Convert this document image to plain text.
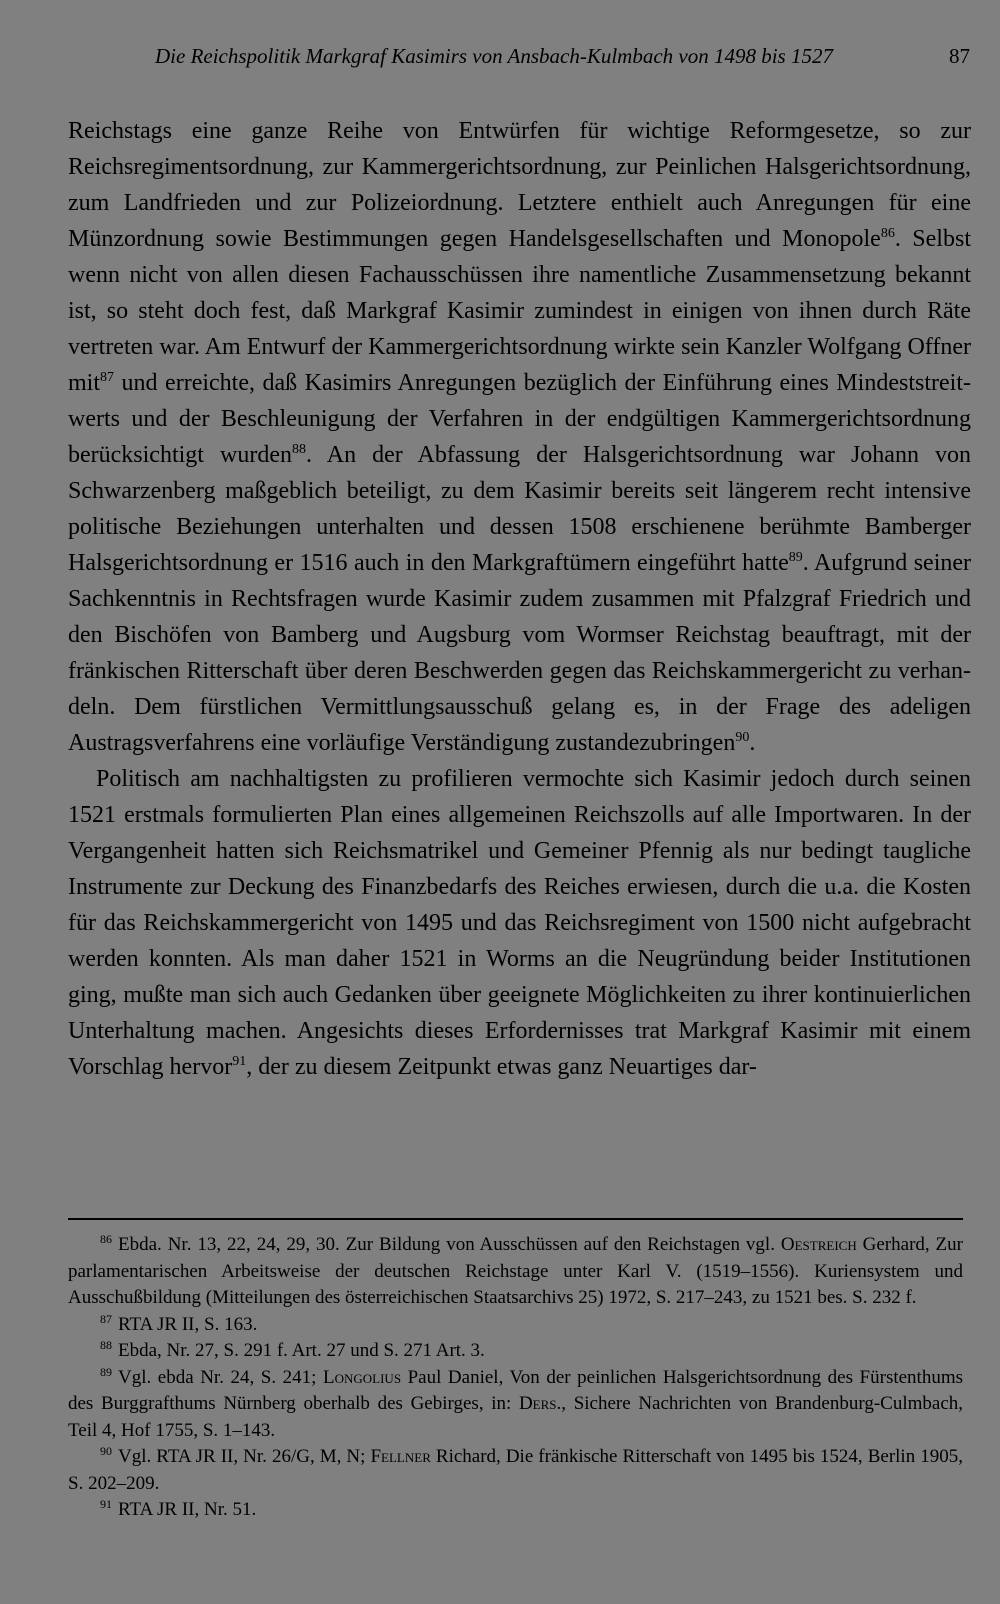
Die Reichspolitik Markgraf Kasimirs von Ansbach-Kulmbach von 1498 bis 1527	87

Reichstags eine ganze Reihe von Entwürfen für wichtige Reformgesetze, so zur Reichsregimentsordnung, zur Kammergerichtsordnung, zur Peinlichen Halsgerichtsordnung, zum Landfrieden und zur Polizeiordnung. Letztere enthielt auch Anregungen für eine Münzordnung sowie Bestimmungen gegen Handelsgesellschaften und Monopole$^{86}$. Selbst wenn nicht von allen diesen Fachausschüssen ihre namentliche Zusammensetzung bekannt ist, so steht doch fest, daß Markgraf Kasimir zumindest in einigen von ihnen durch Räte vertreten war. Am Entwurf der Kammergerichtsordnung wirkte sein Kanzler Wolfgang Offner mit$^{87}$ und erreichte, daß Kasimirs Anregungen bezüglich der Einführung eines Mindeststreitwerts und der Beschleunigung der Verfahren in der endgültigen Kammergerichtsordnung berücksichtigt wurden$^{88}$. An der Abfassung der Halsgerichtsordnung war Johann von Schwarzenberg maßgeblich beteiligt, zu dem Kasimir bereits seit längerem recht intensive politische Beziehungen unterhalten und dessen 1508 erschienene berühmte Bamberger Halsgerichtsordnung er 1516 auch in den Markgraftümern eingeführt hatte$^{89}$. Aufgrund seiner Sachkenntnis in Rechtsfragen wurde Kasimir zudem zusammen mit Pfalzgraf Friedrich und den Bischöfen von Bamberg und Augsburg vom Wormser Reichstag beauftragt, mit der fränkischen Ritterschaft über deren Beschwerden gegen das Reichskammergericht zu verhandeln. Dem fürstlichen Vermittlungsausschuß gelang es, in der Frage des adeligen Austragsverfahrens eine vorläufige Verständigung zustandezubringen$^{90}$.

Politisch am nachhaltigsten zu profilieren vermochte sich Kasimir jedoch durch seinen 1521 erstmals formulierten Plan eines allgemeinen Reichszolls auf alle Importwaren. In der Vergangenheit hatten sich Reichsmatrikel und Gemeiner Pfennig als nur bedingt taugliche Instrumente zur Deckung des Finanzbedarfs des Reiches erwiesen, durch die u.a. die Kosten für das Reichskammergericht von 1495 und das Reichsregiment von 1500 nicht aufgebracht werden konnten. Als man daher 1521 in Worms an die Neugründung beider Institutionen ging, mußte man sich auch Gedanken über geeignete Möglichkeiten zu ihrer kontinuierlichen Unterhaltung machen. Angesichts dieses Erfordernisses trat Markgraf Kasimir mit einem Vorschlag hervor$^{91}$, der zu diesem Zeitpunkt etwas ganz Neuartiges dar-

$^{86}$ Ebda. Nr. 13, 22, 24, 29, 30. Zur Bildung von Ausschüssen auf den Reichstagen vgl. Oestreich Gerhard, Zur parlamentarischen Arbeitsweise der deutschen Reichstage unter Karl V. (1519–1556). Kuriensystem und Ausschußbildung (Mitteilungen des österreichischen Staatsarchivs 25) 1972, S. 217–243, zu 1521 bes. S. 232 f.

$^{87}$ RTA JR II, S. 163.

$^{88}$ Ebda, Nr. 27, S. 291 f. Art. 27 und S. 271 Art. 3.

$^{89}$ Vgl. ebda Nr. 24, S. 241; Longolius Paul Daniel, Von der peinlichen Halsgerichtsordnung des Fürstenthums des Burggrafthums Nürnberg oberhalb des Gebirges, in: Ders., Sichere Nachrichten von Brandenburg-Culmbach, Teil 4, Hof 1755, S. 1–143.

$^{90}$ Vgl. RTA JR II, Nr. 26/G, M, N; Fellner Richard, Die fränkische Ritterschaft von 1495 bis 1524, Berlin 1905, S. 202–209.

$^{91}$ RTA JR II, Nr. 51.
